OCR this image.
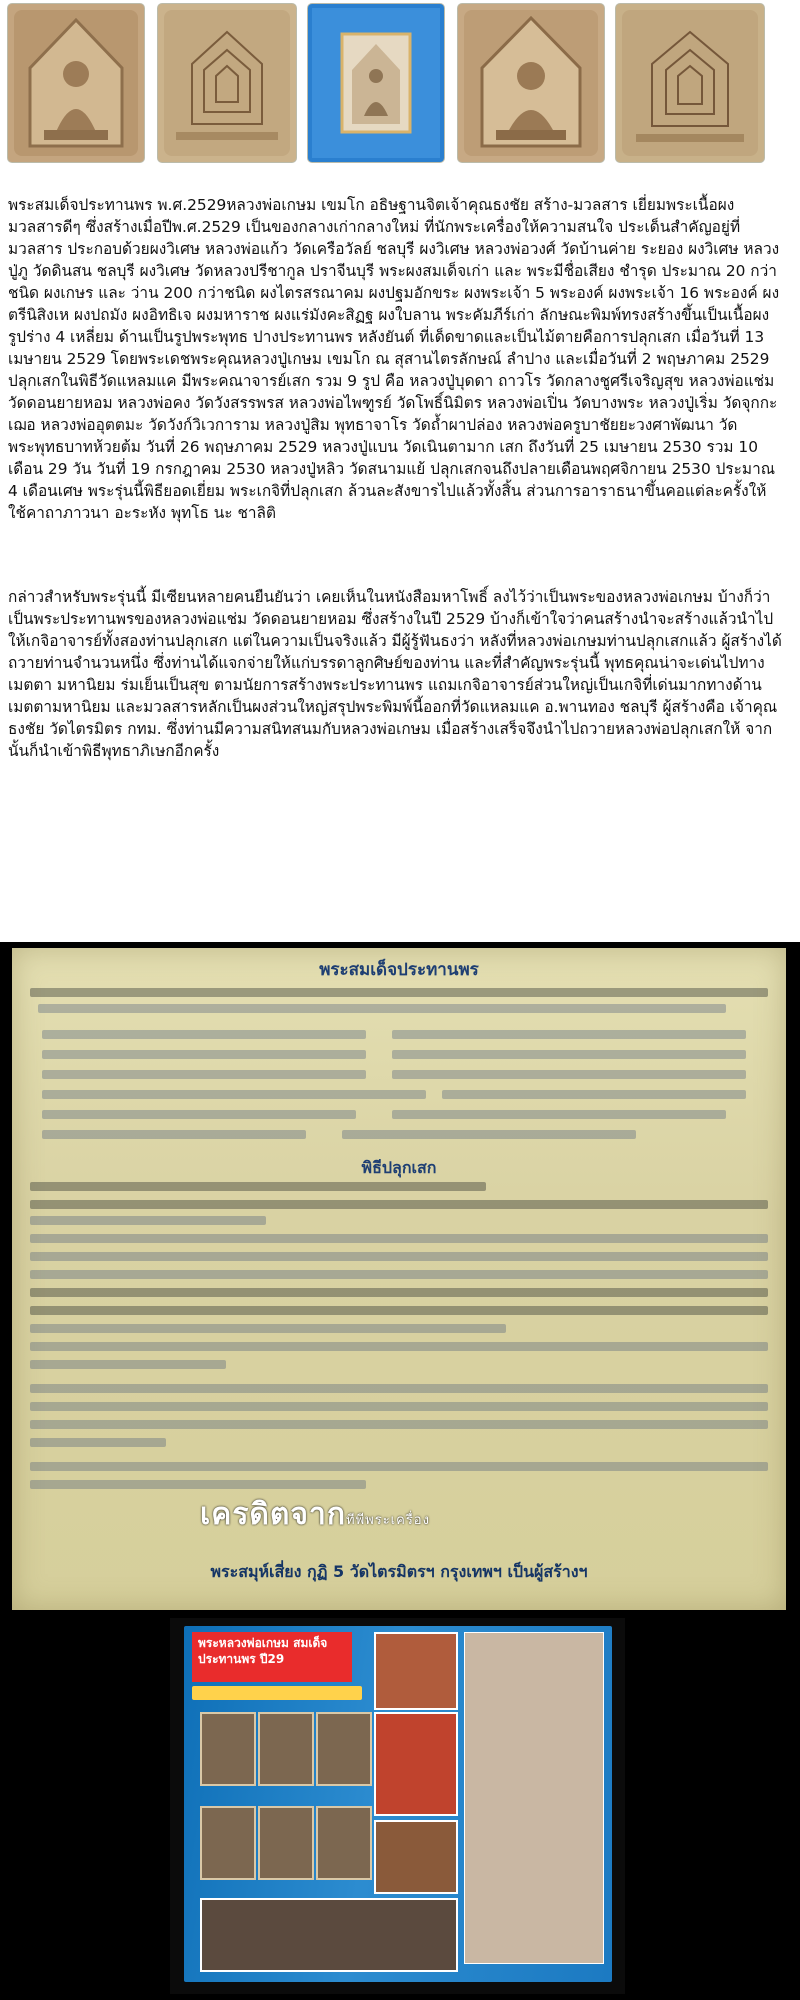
พระสมเด็จประทานพร พ.ศ.2529หลวงพ่อเกษม เขมโก อธิษฐานจิตเจ้าคุณธงชัย สร้าง-มวลสาร เยี่ยมพระเนื้อผงมวลสารดีๆ ซึ่งสร้างเมื่อปีพ.ศ.2529 เป็นของกลางเก่ากลางใหม่ ที่นักพระเครื่องให้ความสนใจ ประเด็นสำคัญอยู่ที่มวลสาร ประกอบด้วยผงวิเศษ หลวงพ่อแก้ว วัดเครือวัลย์ ชลบุรี ผงวิเศษ หลวงพ่อวงศ์ วัดบ้านค่าย ระยอง ผงวิเศษ หลวงปู่ภู วัดดินสน ชลบุรี ผงวิเศษ วัดหลวงปรีชากูล ปราจีนบุรี พระผงสมเด็จเก่า และ พระมีชื่อเสียง ชำรุด ประมาณ 20 กว่าชนิด ผงเกษร และ ว่าน 200 กว่าชนิด ผงไตรสรณาคม ผงปฐมอักขระ ผงพระเจ้า 5 พระองค์ ผงพระเจ้า 16 พระองค์ ผงตรีนิสิงเห ผงปถมัง ผงอิทธิเจ ผงมหาราช ผงแร่มังคะสิฏฐ ผงใบลาน พระคัมภีร์เก่า ลักษณะพิมพ์ทรงสร้างขึ้นเป็นเนื้อผงรูปร่าง 4 เหลี่ยม ด้านเป็นรูปพระพุทธ ปางประทานพร หลังยันต์ ที่เด็ดขาดและเป็นไม้ตายคือการปลุกเสก เมื่อวันที่ 13 เมษายน 2529 โดยพระเดชพระคุณหลวงปู่เกษม เขมโก ณ สุสานไตรลักษณ์ ลำปาง และเมื่อวันที่ 2 พฤษภาคม 2529 ปลุกเสกในพิธีวัดแหลมแค มีพระคณาจารย์เสก รวม 9 รูป คือ หลวงปู่บุดดา ถาวโร วัดกลางชูศรีเจริญสุข หลวงพ่อแช่ม วัดดอนยายหอม หลวงพ่อคง วัดวังสรรพรส หลวงพ่อไพฑูรย์ วัดโพธิ์นิมิตร หลวงพ่อเปิ่น วัดบางพระ หลวงปู่เริ่ม วัดจุกกะเฌอ หลวงพ่ออุตตมะ วัดวังก์วิเวการาม หลวงปู่สิม พุทธาจาโร วัดถ้ำผาปล่อง หลวงพ่อครูบาชัยยะวงศาพัฒนา วัดพระพุทธบาทห้วยต้ม วันที่ 26 พฤษภาคม 2529 หลวงปู่แบน วัดเนินตามาก เสก ถึงวันที่ 25 เมษายน 2530 รวม 10 เดือน 29 วัน วันที่ 19 กรกฎาคม 2530 หลวงปู่หลิว วัดสนามแย้ ปลุกเสกจนถึงปลายเดือนพฤศจิกายน 2530 ประมาณ 4 เดือนเศษ พระรุ่นนี้พิธียอดเยี่ยม พระเกจิที่ปลุกเสก ล้วนละสังขารไปแล้วทั้งสิ้น ส่วนการอาราธนาขึ้นคอแต่ละครั้งให้ใช้คาถาภาวนา อะระหัง พุทโธ นะ ชาลิติ

กล่าวสำหรับพระรุ่นนี้ มีเซียนหลายคนยืนยันว่า เคยเห็นในหนังสือมหาโพธิ์ ลงไว้ว่าเป็นพระของหลวงพ่อเกษม บ้างก็ว่าเป็นพระประทานพรของหลวงพ่อแช่ม วัดดอนยายหอม ซึ่งสร้างในปี 2529 บ้างก็เข้าใจว่าคนสร้างนำจะสร้างแล้วนำไปให้เกจิอาจารย์ทั้งสองท่านปลุกเสก แต่ในความเป็นจริงแล้ว มีผู้รู้ฟันธงว่า หลังที่หลวงพ่อเกษมท่านปลุกเสกแล้ว ผู้สร้างได้ถวายท่านจำนวนหนึ่ง ซึ่งท่านได้แจกจ่ายให้แก่บรรดาลูกศิษย์ของท่าน และที่สำคัญพระรุ่นนี้ พุทธคุณน่าจะเด่นไปทางเมตตา มหานิยม ร่มเย็นเป็นสุข ตามนัยการสร้างพระประทานพร แถมเกจิอาจารย์ส่วนใหญ่เป็นเกจิที่เด่นมากทางด้านเมตตามหานิยม และมวลสารหลักเป็นผงส่วนใหญ่สรุปพระพิมพ์นี้ออกที่วัดแหลมแค อ.พานทอง ชลบุรี ผู้สร้างคือ เจ้าคุณธงชัย วัดไตรมิตร กทม. ซึ่งท่านมีความสนิทสนมกับหลวงพ่อเกษม เมื่อสร้างเสร็จจึงนำไปถวายหลวงพ่อปลุกเสกให้ จากนั้นก็นำเข้าพิธีพุทธาภิเษกอีกครั้ง

พระสมเด็จประทานพร
พิธีปลุกเสก
เครดิตจากทีพีพระเครื่อง
พระสมุห์เสี่ยง กุฏิ 5 วัดไตรมิตรฯ กรุงเทพฯ เป็นผู้สร้างฯ
พระหลวงพ่อเกษม สมเด็จประทานพร ปี29
